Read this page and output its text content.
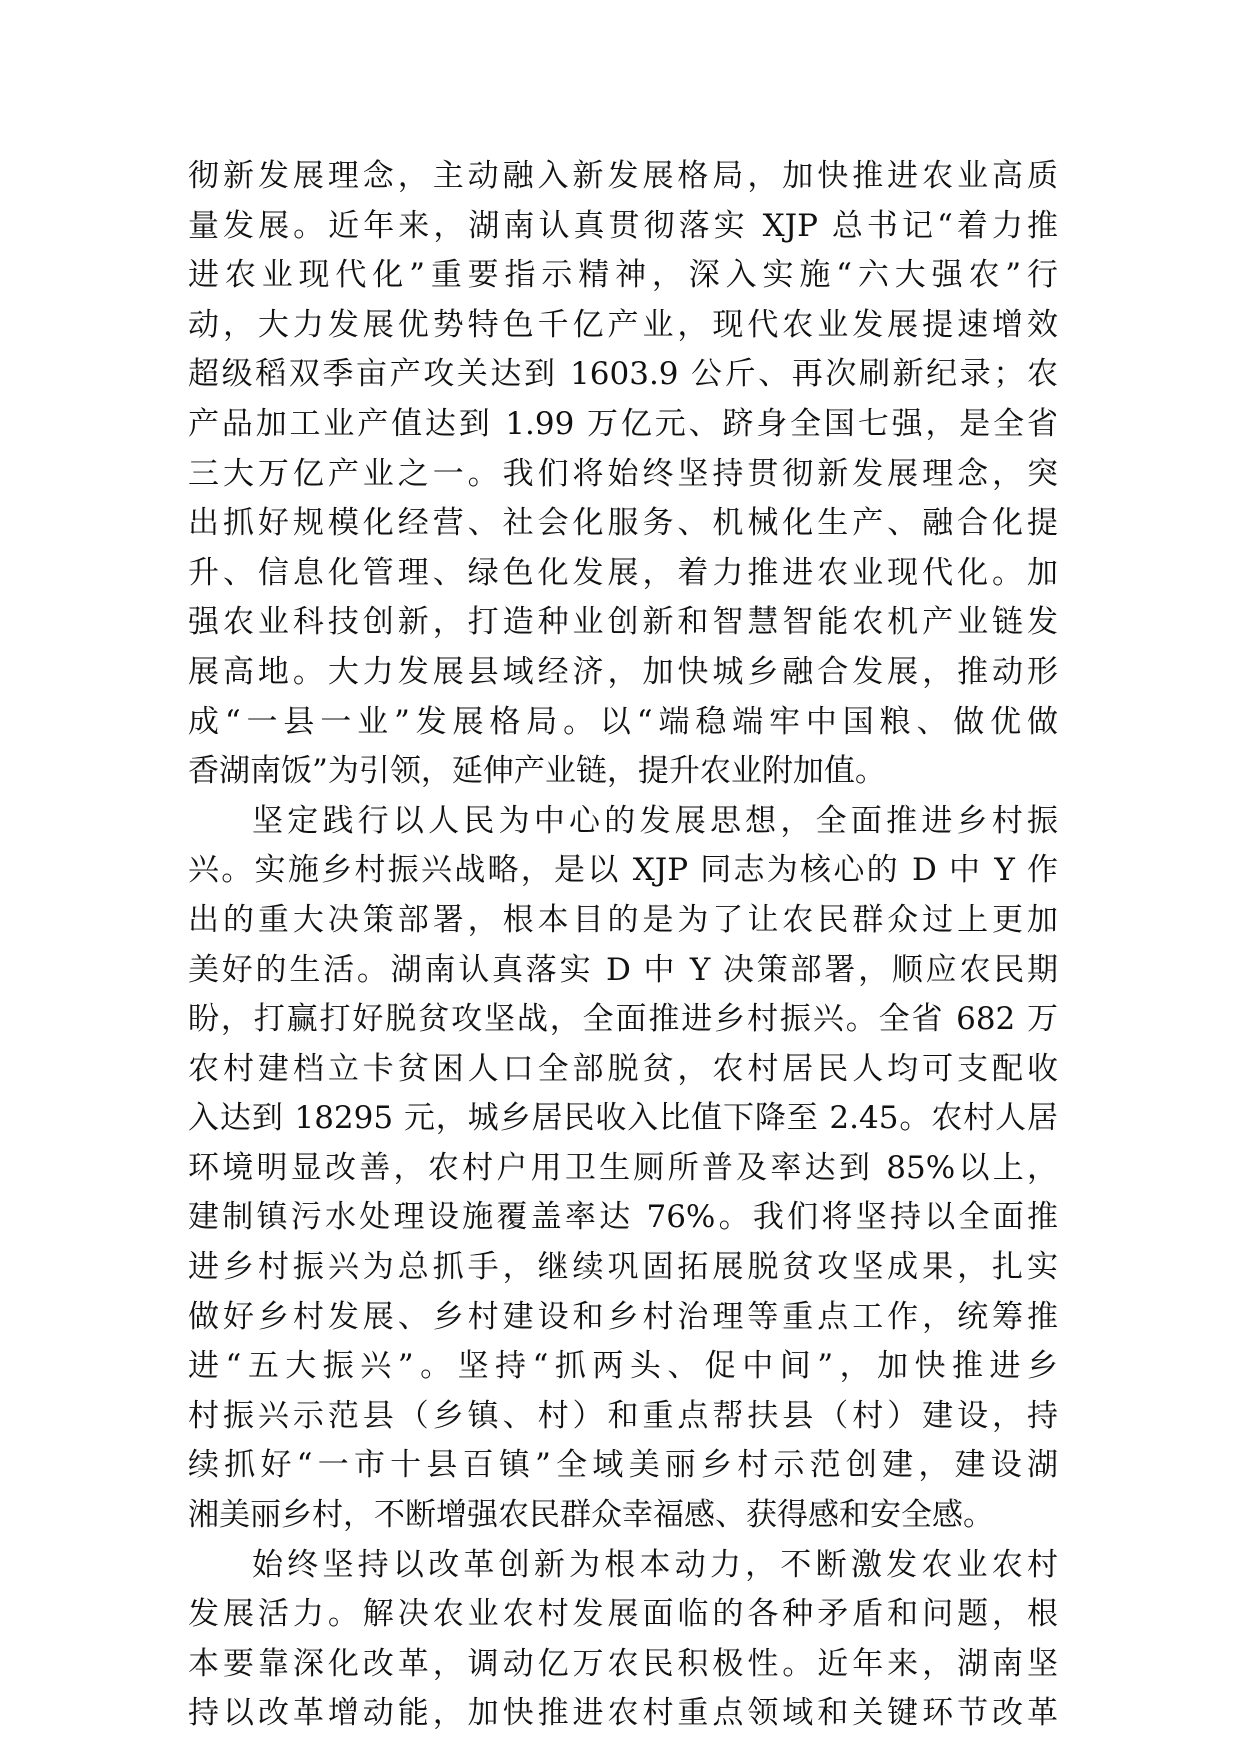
彻新发展理念，主动融入新发展格局，加快推进农业高质
量发展。近年来，湖南认真贯彻落实 XJP 总书记“着力推
进农业现代化”重要指示精神，深入实施“六大强农”行
动，大力发展优势特色千亿产业，现代农业发展提速增效
超级稻双季亩产攻关达到 1603.9 公斤、再次刷新纪录；农
产品加工业产值达到 1.99 万亿元、跻身全国七强，是全省
三大万亿产业之一。我们将始终坚持贯彻新发展理念，突
出抓好规模化经营、社会化服务、机械化生产、融合化提
升、信息化管理、绿色化发展，着力推进农业现代化。加
强农业科技创新，打造种业创新和智慧智能农机产业链发
展高地。大力发展县域经济，加快城乡融合发展，推动形
成“一县一业”发展格局。以“端稳端牢中国粮、做优做
香湖南饭”为引领，延伸产业链，提升农业附加值。
坚定践行以人民为中心的发展思想，全面推进乡村振
兴。实施乡村振兴战略，是以 XJP 同志为核心的 D 中 Y 作
出的重大决策部署，根本目的是为了让农民群众过上更加
美好的生活。湖南认真落实 D 中 Y 决策部署，顺应农民期
盼，打赢打好脱贫攻坚战，全面推进乡村振兴。全省 682 万
农村建档立卡贫困人口全部脱贫，农村居民人均可支配收
入达到 18295 元，城乡居民收入比值下降至 2.45。农村人居
环境明显改善，农村户用卫生厕所普及率达到 85%以上，
建制镇污水处理设施覆盖率达 76%。我们将坚持以全面推
进乡村振兴为总抓手，继续巩固拓展脱贫攻坚成果，扎实
做好乡村发展、乡村建设和乡村治理等重点工作，统筹推
进“五大振兴”。坚持“抓两头、促中间”，加快推进乡
村振兴示范县（乡镇、村）和重点帮扶县（村）建设，持
续抓好“一市十县百镇”全域美丽乡村示范创建，建设湖
湘美丽乡村，不断增强农民群众幸福感、获得感和安全感。
始终坚持以改革创新为根本动力，不断激发农业农村
发展活力。解决农业农村发展面临的各种矛盾和问题，根
本要靠深化改革，调动亿万农民积极性。近年来，湖南坚
持以改革增动能，加快推进农村重点领域和关键环节改革
